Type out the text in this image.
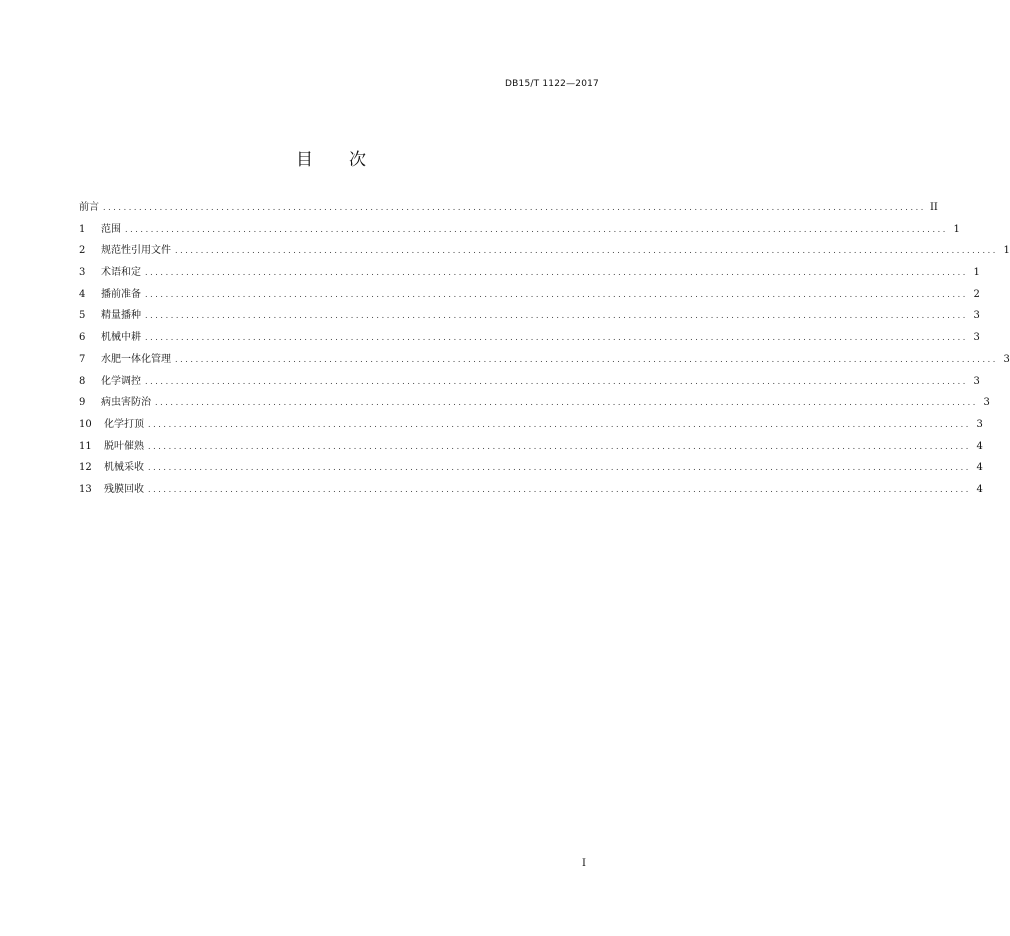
DB15/T 1122—2017
目 次
前言 ................................................................................................................................................................ II
1	范围 ................................................................................................................................................................ 1
2	规范性引用文件 ................................................................................................................................................................ 1
3	术语和定 ................................................................................................................................................................ 1
4	播前准备 ................................................................................................................................................................ 2
5	精量播种 ................................................................................................................................................................ 3
6	机械中耕 ................................................................................................................................................................ 3
7	水肥一体化管理 ................................................................................................................................................................ 3
8	化学调控 ................................................................................................................................................................ 3
9	病虫害防治 ................................................................................................................................................................ 3
10	化学打顶 ................................................................................................................................................................ 3
11	脱叶催熟 ................................................................................................................................................................ 4
12	机械采收 ................................................................................................................................................................ 4
13	残膜回收 ................................................................................................................................................................ 4
I
